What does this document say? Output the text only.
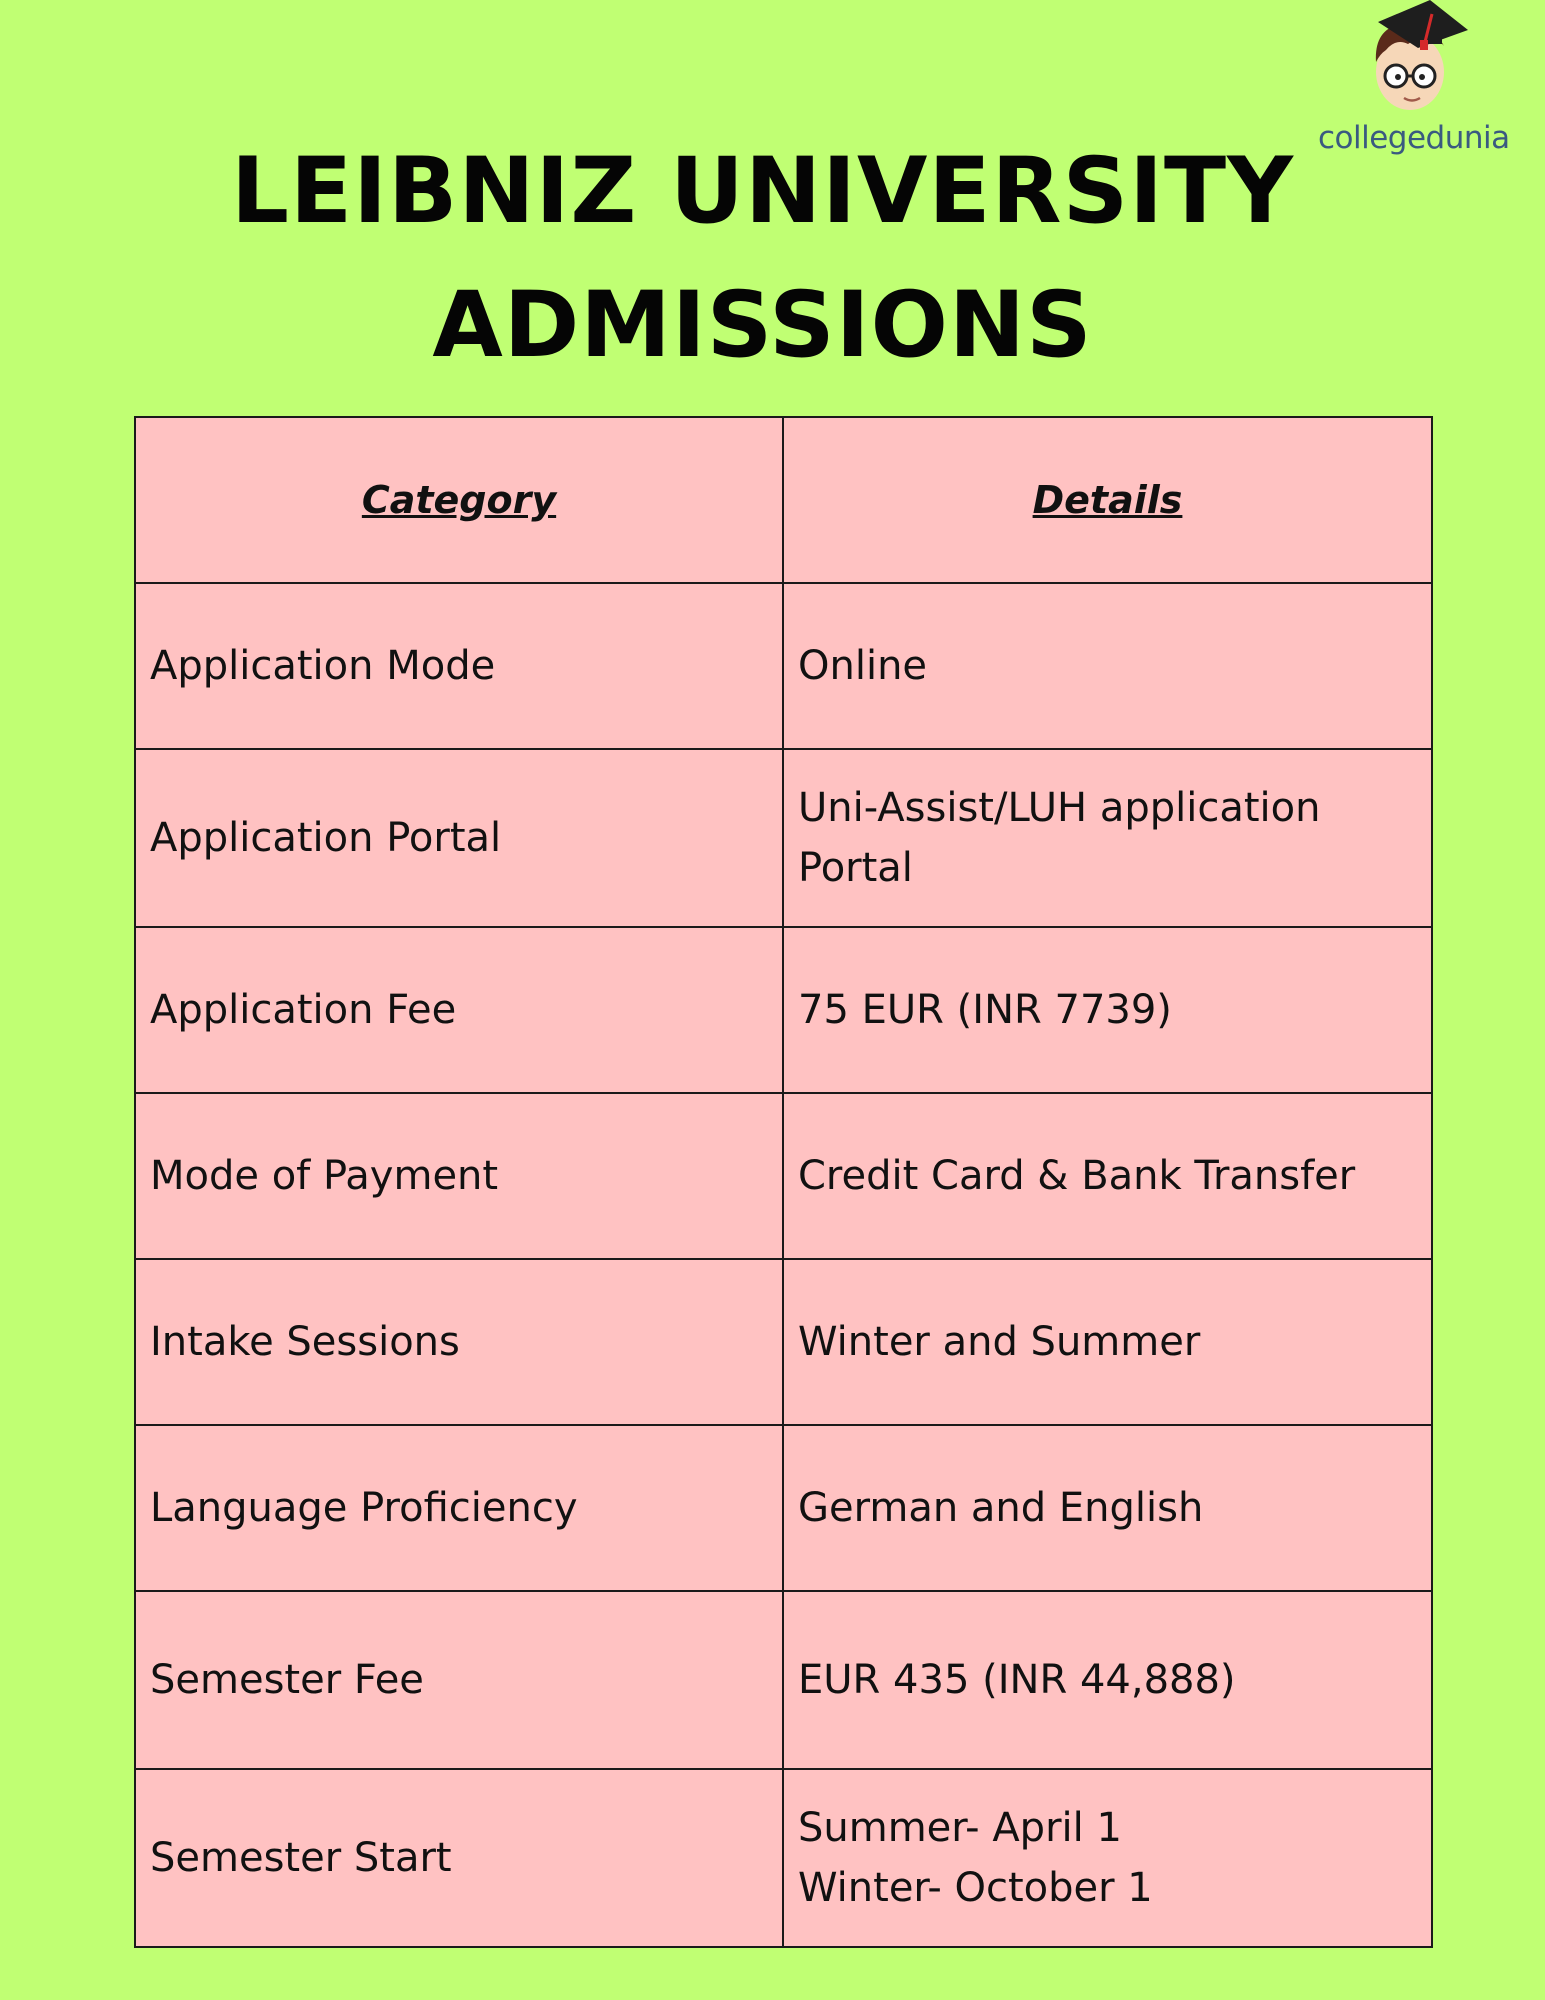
collegedunia
LEIBNIZ UNIVERSITY
ADMISSIONS
Category	Details
Application Mode	Online
Application Portal	Uni-Assist/LUH application
Portal
Application Fee	75 EUR (INR 7739)
Mode of Payment	Credit Card & Bank Transfer
Intake Sessions	Winter and Summer
Language Proficiency	German and English
Semester Fee	EUR 435 (INR 44,888)
Semester Start	Summer- April 1
Winter- October 1
